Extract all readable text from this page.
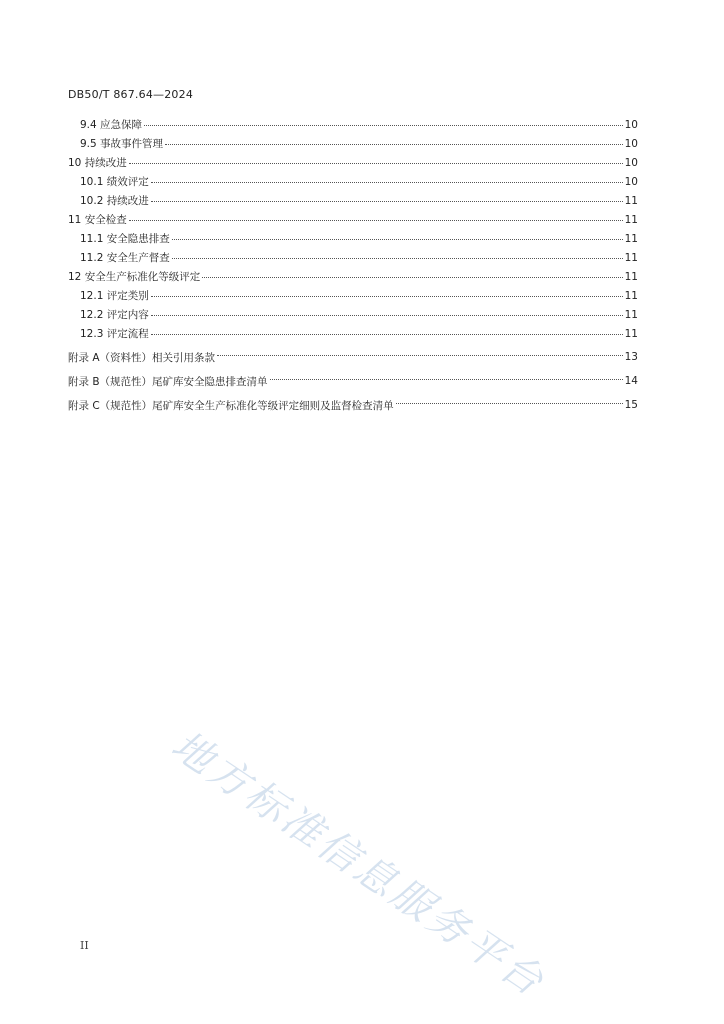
DB50/T 867.64—2024
9.4 应急保障	10
9.5 事故事件管理	10
10 持续改进	10
10.1 绩效评定	10
10.2 持续改进	11
11 安全检查	11
11.1 安全隐患排查	11
11.2 安全生产督查	11
12 安全生产标准化等级评定	11
12.1 评定类别	11
12.2 评定内容	11
12.3 评定流程	11
附录 A（资料性）相关引用条款	13
附录 B（规范性）尾矿库安全隐患排查清单	14
附录 C（规范性）尾矿库安全生产标准化等级评定细则及监督检查清单	15
地方标准信息服务平台
II
